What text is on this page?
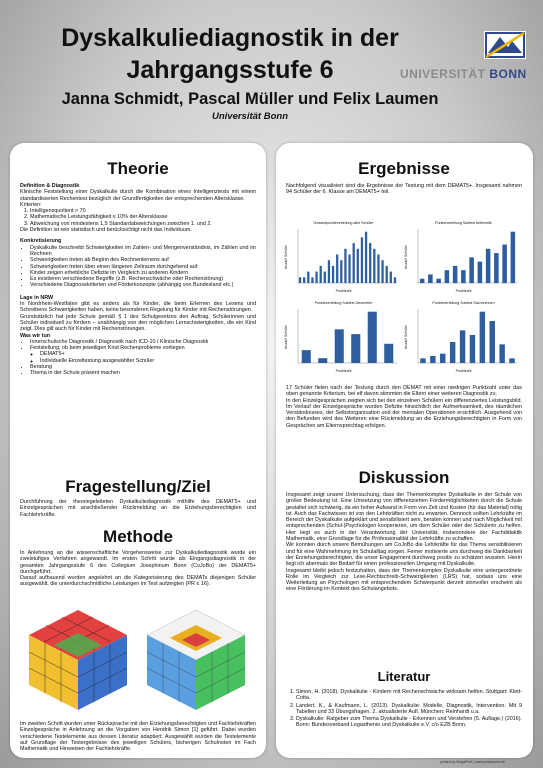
Dyskalkuliediagnostik in der
Jahrgangsstufe 6	UNIVERSITÄT BONN
Janna Schmidt, Pascal Müller und Felix Laumen
Universität Bonn
Theorie
Definition & Diagnostik
Klinische Feststellung einer Dyskalkulie durch die Kombination eines Intelligenztests mit einem standardisierten Rechentest bezüglich der Grundfertigkeiten der entsprechenden Altersklasse.
Kriterien:
1. Intelligenzquotient > 70
2. Mathematische Leistungsfähigkeit ≤ 10% der Altersklasse
3. Abweichung von mindestens 1,5 Standardabweichungen zwischen 1. und 2.
Die Definition ist rein statistisch und berücksichtigt nicht das Individuum.
Konkretisierung
• Dyskalkulie beschreibt Schwierigkeiten im Zahlen- und Mengenverständnis, im Zählen und im Rechnen
• Schwierigkeiten treten ab Beginn des Rechnenlernens auf
• Schwierigkeiten treten über einen längeren Zeitraum durchgehend auf
• Kinder zeigen erhebliche Defizite im Vergleich zu anderen Kindern
• Es existieren verschiedene Begriffe (z.B. Rechenschwäche oder Rechenstörung)
• Verschiedene Diagnosekriterien und Förderkonzepte (abhängig von Bundesland etc.)
Lage in NRW
In Nordrhein-Westfalen gibt es anders als für Kinder, die beim Erlernen des Lesens und Schreibens Schwierigkeiten haben, keine besonderen Regelung für Kinder mit Rechenstörungen.
Grundsätzlich hat jede Schule gemäß § 1 des Schulgesetzes den Auftrag, Schülerinnen und Schüler individuell zu fördern – unabhängig von den möglichen Lernschwierigkeiten, die ein Kind zeigt. Dies gilt auch für Kinder mit Rechenstörungen.
Was wir tun
• Innerschulische Diagnostik / Diagnostik nach ICD-10 / Klinische Diagnostik
• Feststellung, ob beim jeweiligen Kind Rechenprobleme vorliegen
◦ DEMAT5+
◦ Individuelle Einzeltestung ausgewählter Schüler
• Beratung
• Thema in der Schule präsent machen
Fragestellung/Ziel
Durchführung der theoriegeleiteten Dyskalkuliediagnostik mithilfe des DEMAT5+ und Einzelgesprächen mit anschließender Rückmeldung an die Erziehungsberechtigten und Fachlehrkräfte.
Methode
In Anlehnung an die wissenschaftliche Vorgehensweise zur Dyskalkuliediagnostik wurde ein zweistufiges Verfahren angewandt. Im ersten Schritt wurde als Eingangsdiagnostik in der gesamten Jahrgangsstufe 6 des Collegium Josephinum Bonn (CoJoBo) der DEMAT5+ durchgeführt.
Darauf aufbauend wurden angelehnt an die Kategorisierung des DEMATs diejenigen Schüler ausgewählt, die unterdurchschnittliche Leistungen im Test aufzeigten (PR ≤ 16).
Im zweiten Schritt wurden unter Rücksprache mit den Erziehungsberechtigten und Fachlehrkräften Einzelgespräche in Anlehnung an die Vorgaben von Hendrik Simon [1] geführt. Dabei wurden verschiedene Testelemente aus dessen Literatur adaptiert. Ausgewählt wurden die Testelemente auf Grundlage der Testergebnisse des jeweiligen Schülers, bisherigen Schulnoten im Fach Mathematik und Hinweisen der Fachlehrkräfte.
Ergebnisse
Nachfolgend visualisiert sind die Ergebnisse der Testung mit dem DEMAT5+. Insgesamt nahmen 94 Schüler der 6. Klasse am DEMAT5+ teil.
Gesamtpunkteverteilung aller Schüler
Punktzahl
Anzahl Schüler
Punkteverteilung Subtest Arithmetik
Punktzahl
Anzahl Schüler
Punkteverteilung Subtest Geometrie
Punktzahl
Anzahl Schüler
Punkteverteilung Subtest Sachrechnen
Punktzahl
Anzahl Schüler
17 Schüler fielen nach der Testung durch den DEMAT mit einer niedrigen Punktzahl unter das oben genannte Kriterium, bei elf davon stimmten die Eltern einer weiteren Diagnostik zu.
In den Einzelgesprächen zeigten sich bei den einzelnen Schülern ein differenziertes Leistungsbild. Im Verlauf der Einzelgespräche wurden Defizite hinsichtlich der Aufmerksamkeit, des räumlichen Verständnisses, der Selbstorganisation und der mentalen Operationen ersichtlich. Ausgehend von den Befunden wird des Weiteren eine Rückmeldung an die Erziehungsberechtigten in Form von Gesprächen am Elternsprechtag erfolgen.
Diskussion
Insgesamt zeigt unsere Untersuchung, dass der Themenkomplex Dyskalkulie in der Schule von großer Bedeutung ist. Eine Umsetzung von differenzierten Fördermöglichkeiten durch die Schule gestaltet sich schwierig, da ein hoher Aufwand in Form von Zeit und Kosten (für das Material) nötig ist. Auch das Fachwissen ist von den Lehrkräften nicht zu erwarten. Dennoch sollten Lehrkräfte im Bereich der Dyskalkulie aufgeklärt und sensibilisiert sein, beraten können und nach Möglichkeit mit entsprechenden (Schul-)Psychologen kooperieren, um dem Schüler oder der Schülerin zu helfen. Hier liegt es auch in der Verantwortung der Universität, insbesondere der Fachdidaktik Mathematik, eine Grundlage für die Professionalität der Lehrkräfte zu schaffen.
Wir konnten durch unsere Bemühungen am CoJoBo die Lehrkräfte für das Thema sensibilisieren und für eine Wahrnehmung im Schulalltag sorgen. Ferner motivierte uns durchweg die Dankbarkeit der Erziehungsberechtigten, die unser Engagement durchweg positiv zu schätzen wussten. Hierin liegt ich abermals der Bedarf für einen professionellen Umgang mit Dyskalkulie.
Insgesamt bleibt jedoch festzuhalten, dass der Themenkomplex Dyskalkulie eine untergeordnete Rolle im Vergleich zur Lese-Rechtschreib-Schwierigkeiten (LRS) hat, sodass uns eine Weiterleitung an Psychologen mit entsprechendem Schwerpunkt derzeit sinnvoller erscheint als eine Förderung im Kontext des Schulangebots.
Literatur
1. Simon, H. (2018). Dyskalkulie - Kindern mit Rechenschwäche wirksam helfen. Stuttgart: Klett-Cotta.
2. Landert, K., & Kaufmann, L. (2013). Dyskalkulie: Modelle, Diagnostik, Intervention. Mit 9 Tabellen und 33 Übungsfragen. 2. aktualisierte Aufl. München: Reinhardt u.a.
3. Dyskalkulie: Ratgeber zum Thema Dyskalkulie - Erkennen und Verstehen (5. Auflage.) (2016). Bonn: Bundesverband Legasthenie und Dyskalkulie e.V. c/o EZB Bonn.
printed by MegaPrint | www.posterprint.de
